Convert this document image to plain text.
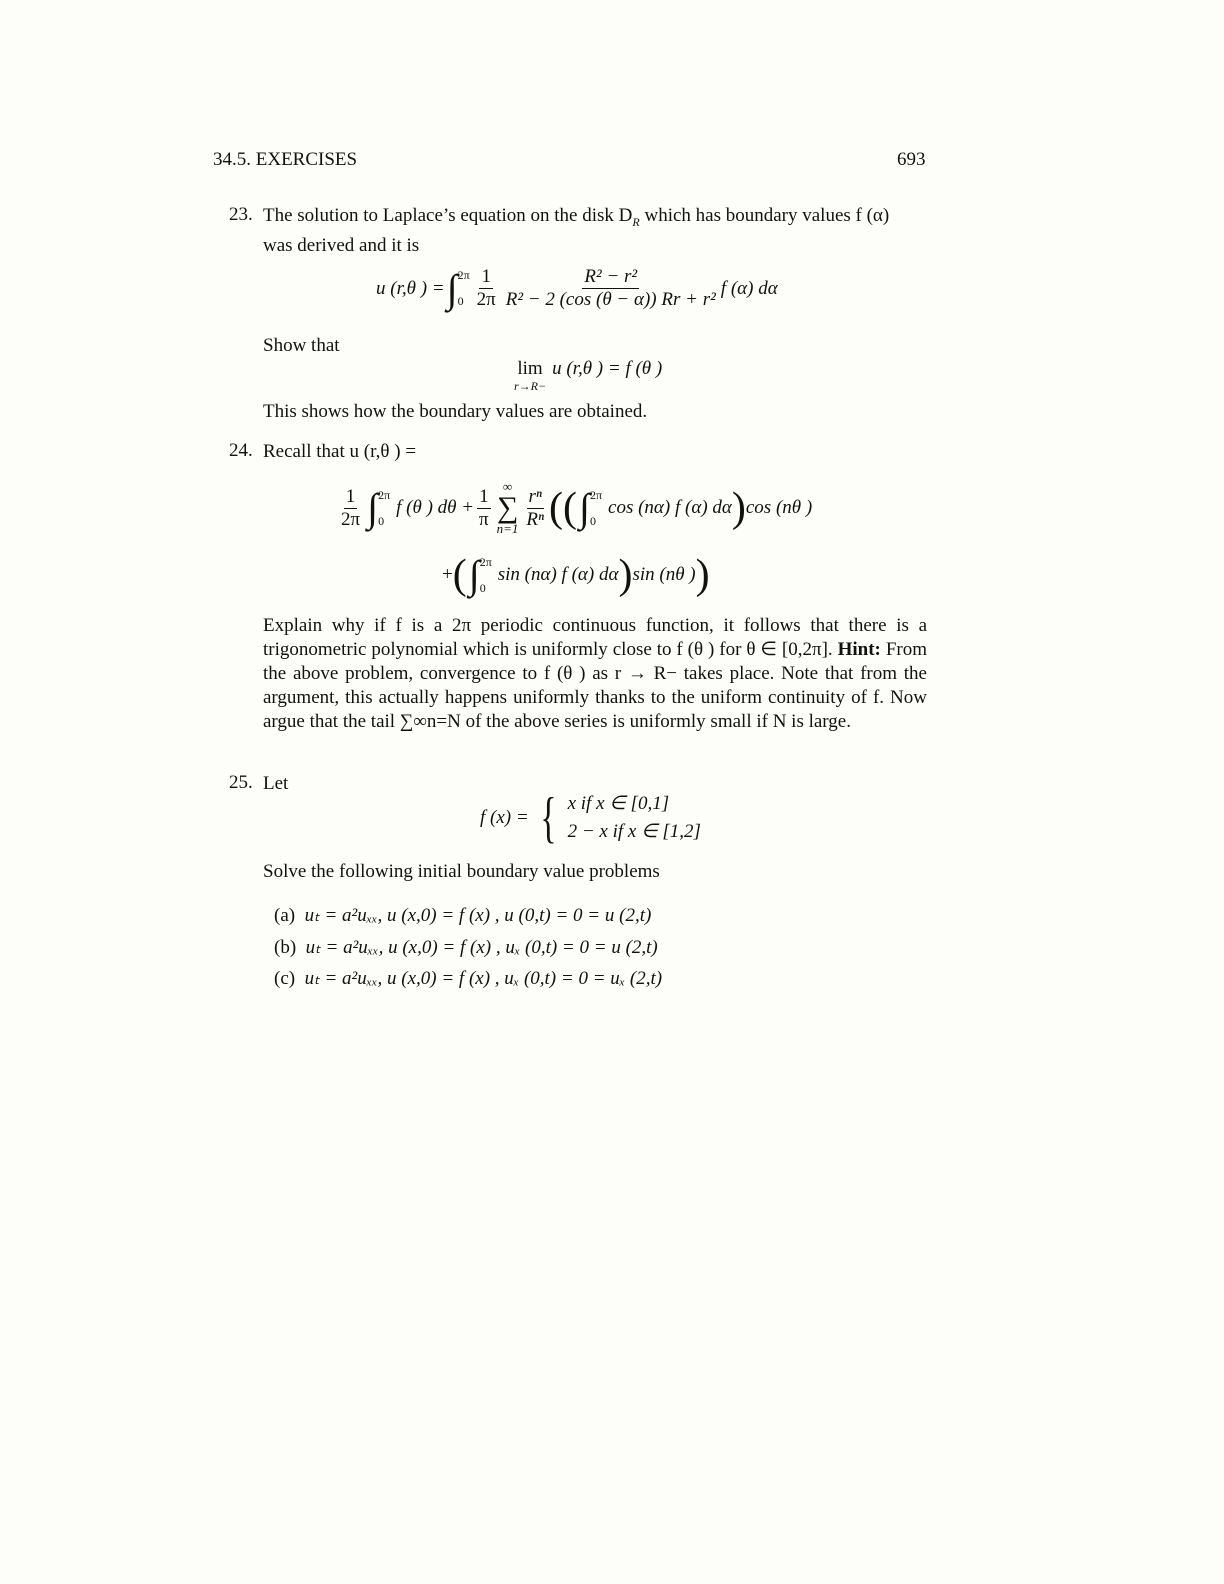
34.5. EXERCISES	693
23. The solution to Laplace’s equation on the disk $D_R$ which has boundary values f (α)
was derived and it is
u (r,θ ) = ∫ 2π

$0 \frac{1}{2\pi} \frac{\text{R² − r²}}{\text{R² − 2 (cos (θ − α)) Rr + r²}}$ f (α) dα
Show that
lim
r→R−
u (r,θ ) = f (θ )
This shows how the boundary values are obtained.
24. Recall that u (r,θ ) =
$\frac{1}{2\pi}$ ∫ 2π

0
f (θ ) $d\theta + \frac{1}{\pi}$ ∞
∑
$n=1 \frac{\text{rⁿ}}{\text{Rⁿ}}$ (( ∫ 2π

0
cos (nα) f (α) dα ) cos (nθ )
+ ( ∫ 2π

0
sin (nα) f (α) dα ) sin (nθ ) )
Explain why if f is a 2π periodic continuous function, it follows that there is a trigonometric polynomial which is uniformly close to f (θ ) for θ ∈ [0,2π]. Hint: From the above problem, convergence to f (θ ) as r → R− takes place. Note that from the argument, this actually happens uniformly thanks to the uniform continuity of f. Now argue that the tail ∑∞n=N of the above series is uniformly small if N is large.
25. Let
f (x) = { x if x ∈ [0,1]
2 − x if x ∈ [1,2]
Solve the following initial boundary value problems
(a) uₜ = a²uₓₓ, u (x,0) = f (x) , u (0,t) = 0 = u (2,t)
(b) uₜ = a²uₓₓ, u (x,0) = f (x) , uₓ (0,t) = 0 = u (2,t)
(c) uₜ = a²uₓₓ, u (x,0) = f (x) , uₓ (0,t) = 0 = uₓ (2,t)
